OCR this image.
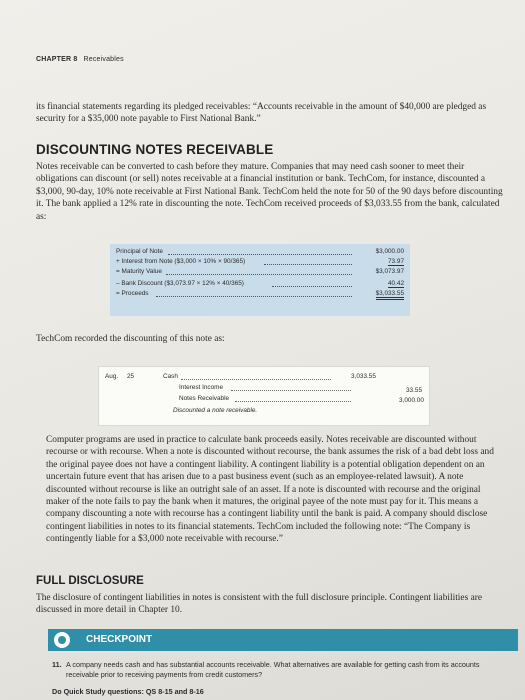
CHAPTER 8 Receivables
its financial statements regarding its pledged receivables: “Accounts receivable in the amount of $40,000 are pledged as security for a $35,000 note payable to First National Bank.”
DISCOUNTING NOTES RECEIVABLE
Notes receivable can be converted to cash before they mature. Companies that may need cash sooner to meet their obligations can discount (or sell) notes receivable at a financial institution or bank. TechCom, for instance, discounted a $3,000, 90-day, 10% note receivable at First National Bank. TechCom held the note for 50 of the 90 days before discounting it. The bank applied a 12% rate in discounting the note. TechCom received proceeds of $3,033.55 from the bank, calculated as:
Principal of Note	$3,000.00
+ Interest from Note ($3,000 × 10% × 90/365)	73.97
= Maturity Value	$3,073.97
– Bank Discount ($3,073.97 × 12% × 40/365)	40.42
= Proceeds	$3,033.55
TechCom recorded the discounting of this note as:
Aug. 25	Cash	3,033.55
Interest Income	33.55
Notes Receivable	3,000.00
Discounted a note receivable.
Computer programs are used in practice to calculate bank proceeds easily. Notes receivable are discounted without recourse or with recourse. When a note is discounted without recourse, the bank assumes the risk of a bad debt loss and the original payee does not have a contingent liability. A contingent liability is a potential obligation dependent on an uncertain future event that has arisen due to a past business event (such as an employee-related lawsuit). A note discounted without recourse is like an outright sale of an asset. If a note is discounted with recourse and the original maker of the note fails to pay the bank when it matures, the original payee of the note must pay for it. This means a company discounting a note with recourse has a contingent liability until the bank is paid. A company should disclose contingent liabilities in notes to its financial statements. TechCom included the following note: “The Company is contingently liable for a $3,000 note receivable with recourse.”
FULL DISCLOSURE
The disclosure of contingent liabilities in notes is consistent with the full disclosure principle. Contingent liabilities are discussed in more detail in Chapter 10.
CHECKPOINT
11. A company needs cash and has substantial accounts receivable. What alternatives are available for getting cash from its accounts receivable prior to receiving payments from credit customers?
Do Quick Study questions: QS 8-15 and 8-16
